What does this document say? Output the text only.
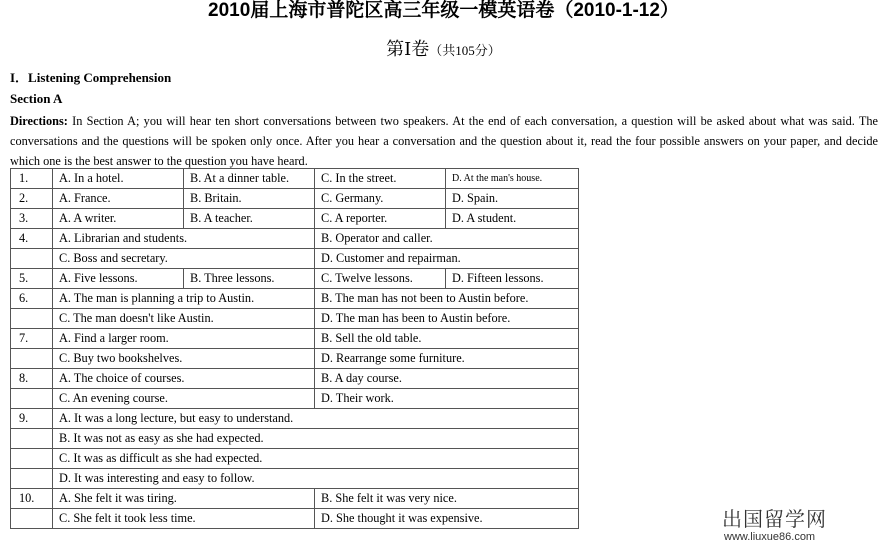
2010届上海市普陀区高三年级一模英语卷（2010-1-12）
第Ⅰ卷（共105分）
I．Listening Comprehension
Section A
Directions: In Section A; you will hear ten short conversations between two speakers. At the end of each conversation, a question will be asked about what was said. The conversations and the questions will be spoken only once. After you hear a conversation and the question about it, read the four possible answers on your paper, and decide which one is the best answer to the question you have heard.
1.	A. In a hotel.	B. At a dinner table.	C. In the street.	D. At the man's house.
2.	A. France.	B. Britain.	C. Germany.	D. Spain.
3.	A. A writer.	B. A teacher.	C. A reporter.	D. A student.
4.	A. Librarian and students.		B. Operator and caller.	
	C. Boss and secretary.		D. Customer and repairman.	
5.	A. Five lessons.	B. Three lessons.	C. Twelve lessons.	D. Fifteen lessons.
6.	A. The man is planning a trip to Austin.		B. The man has not been to Austin before.	
	C. The man doesn't like Austin.		D. The man has been to Austin before.	
7.	A. Find a larger room.		B. Sell the old table.	
	C. Buy two bookshelves.		D. Rearrange some furniture.	
8.	A. The choice of courses.		B. A day course.	
	C. An evening course.		D. Their work.	
9.	A. It was a long lecture, but easy to understand.			
	B. It was not as easy as she had expected.			
	C. It was as difficult as she had expected.			
	D. It was interesting and easy to follow.			
10.	A. She felt it was tiring.		B. She felt it was very nice.	
	C. She felt it took less time.		D. She thought it was expensive.		出国留学网
www.liuxue86.com
